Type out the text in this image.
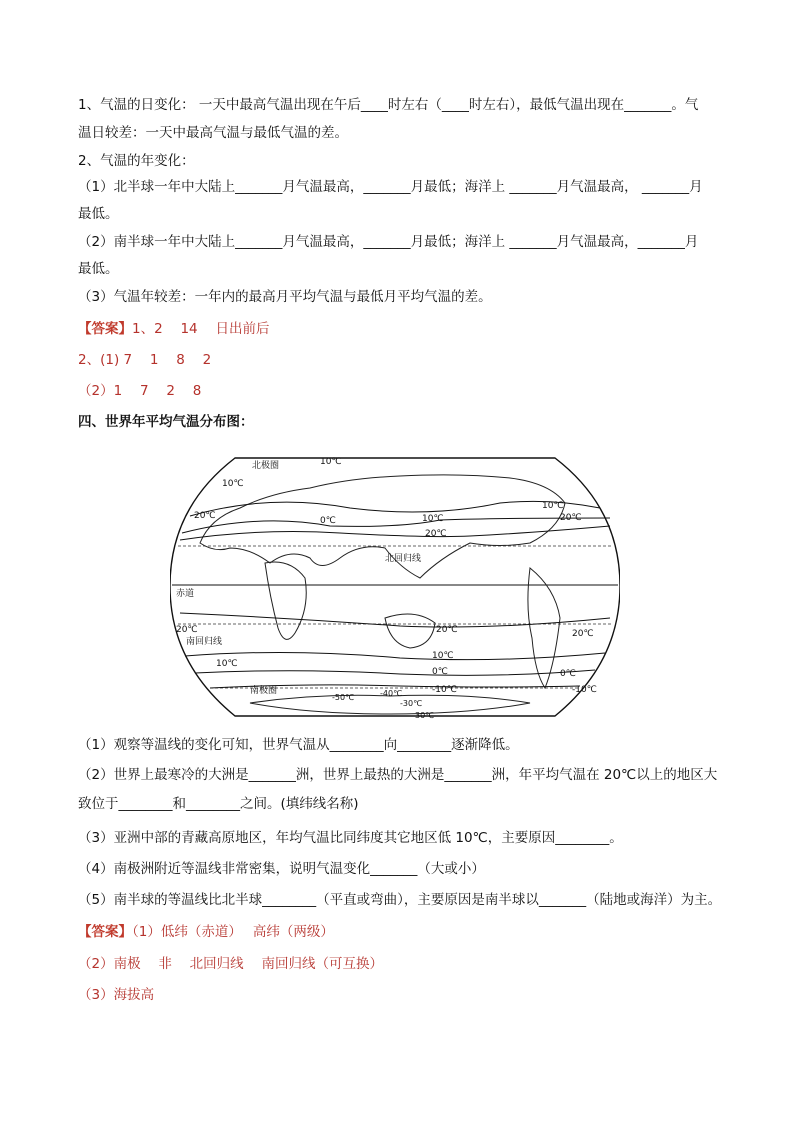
1、气温的日变化： 一天中最高气温出现在午后____时左右（____时左右），最低气温出现在_______。气
温日较差：一天中最高气温与最低气温的差。
2、气温的年变化：
（1）北半球一年中大陆上_______月气温最高，_______月最低；海洋上 _______月气温最高， _______月
最低。
（2）南半球一年中大陆上_______月气温最高，_______月最低；海洋上 _______月气温最高，_______月
最低。
（3）气温年较差：一年内的最高月平均气温与最低月平均气温的差。
【答案】1、2　 14　 日出前后
2、(1) 7　 1　 8　 2
（2）1　 7　 2　 8
四、世界年平均气温分布图：
北极圈
10℃
10℃
20℃	0℃	10℃
20℃
10℃
20℃
北回归线
赤道
20℃
南回归线
20℃	20℃
10℃
10℃
0℃	0℃
-10℃	-10℃
南极圈
-50℃	-40℃
-30℃
30℃
（1）观察等温线的变化可知，世界气温从________向________逐渐降低。
（2）世界上最寒冷的大洲是_______洲，世界上最热的大洲是_______洲，年平均气温在 20℃以上的地区大
致位于________和________之间。(填纬线名称)
（3）亚洲中部的青藏高原地区，年均气温比同纬度其它地区低 10℃，主要原因________。
（4）南极洲附近等温线非常密集，说明气温变化_______（大或小）
（5）南半球的等温线比北半球________（平直或弯曲），主要原因是南半球以_______（陆地或海洋）为主。
【答案】（1）低纬（赤道）　 高纬（两级）
（2）南极　 非　 北回归线　 南回归线（可互换）
（3）海拔高
